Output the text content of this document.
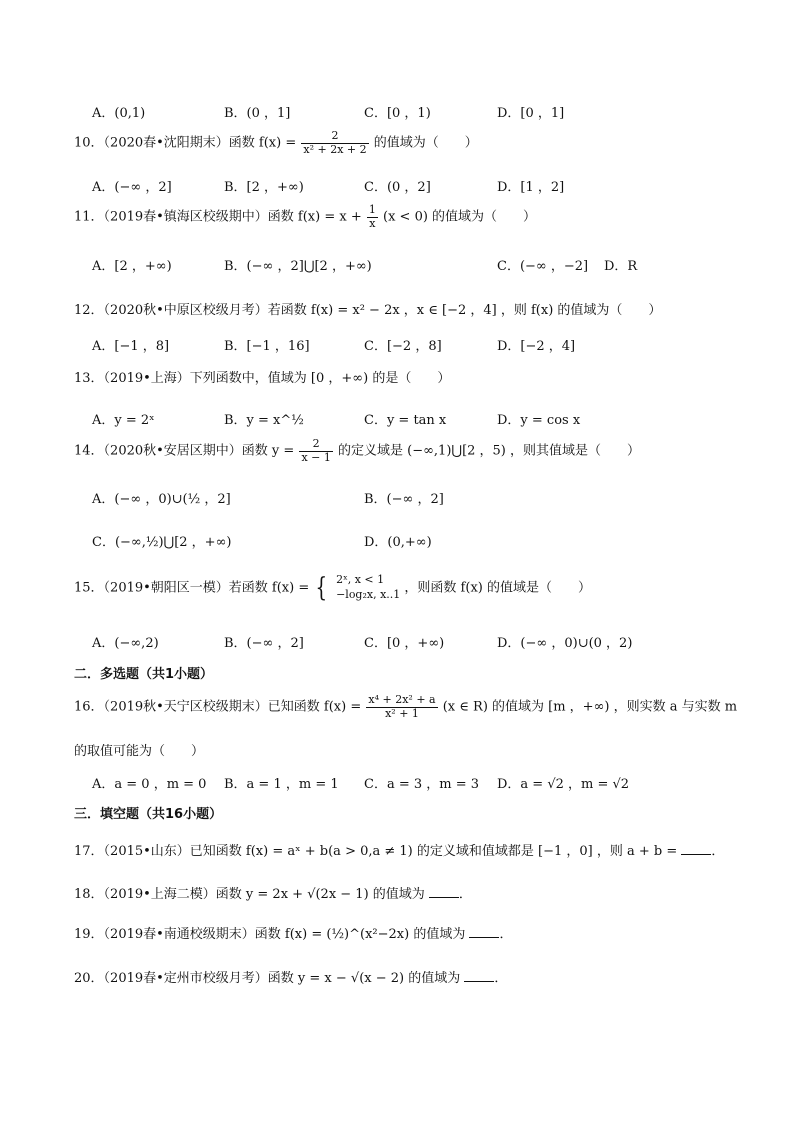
A．(0,1)	B．(0 ，1]	C．[0 ，1)	D．[0 ，1]
10．（2020春•沈阳期末）函数 $f(x) = \frac{2}{\text{x² + 2x + 2}}$ 的值域为（　　）
A．(−∞ ，2]	B．[2 ，+∞)	C．(0 ，2]	D．[1 ，2]
11．（2019春•镇海区校级期中）函数 $f(x) = x + \frac{1}{x} (x < 0)$ 的值域为（　　）
A．[2 ，+∞)	B．(−∞ ，2]⋃[2 ，+∞)	C．(−∞ ，−2] D．R
12．（2020秋•中原区校级月考）若函数 f(x) = x² − 2x ，x ∈ [−2 ，4] ，则 f(x) 的值域为（　　）
A．[−1 ，8]	B．[−1 ，16]	C．[−2 ，8]	D．[−2 ，4]
13．（2019•上海）下列函数中，值域为 [0 ，+∞) 的是（　　）
A．y = 2ˣ	B．y = x^½	C．y = tan x	D．y = cos x
14．（2020秋•安居区期中）函数 $y = \frac{2}{x - 1}$ 的定义域是 (−∞,1)⋃[2 ，5) ，则其值域是（　　）
A．(−∞ ，0)∪(½ ，2]	B．(−∞ ，2]
C．(−∞,½)⋃[2 ，+∞)	D．(0,+∞)
15．（2019•朝阳区一模）若函数 f(x) = { 2ˣ, x < 1
−log₂x, x..1 ，则函数 f(x) 的值域是（　　）
A．(−∞,2)	B．(−∞ ，2]	C．[0 ，+∞)	D．(−∞ ，0)∪(0 ，2)
二．多选题（共1小题）
16．（2019秋•天宁区校级期末）已知函数 $f(x) = \frac{\text{x⁴ + 2x² + a}}{\text{x² + 1}} (x$ ∈ R) 的值域为 [m ，+∞) ，则实数 a 与实数 m
的取值可能为（　　）
A．a = 0 ，m = 0 B．a = 1 ，m = 1 C．a = 3 ，m = 3 D．a = √2 ，m = √2
三．填空题（共16小题）
17．（2015•山东）已知函数 f(x) = aˣ + b(a > 0,a ≠ 1) 的定义域和值域都是 [−1 ，0] ，则 a + b =	．
18．（2019•上海二模）函数 y = 2x + √(2x − 1) 的值域为	．
19．（2019春•南通校级期末）函数 f(x) = (½)^(x²−2x) 的值域为	．
20．（2019春•定州市校级月考）函数 y = x − √(x − 2) 的值域为	．
